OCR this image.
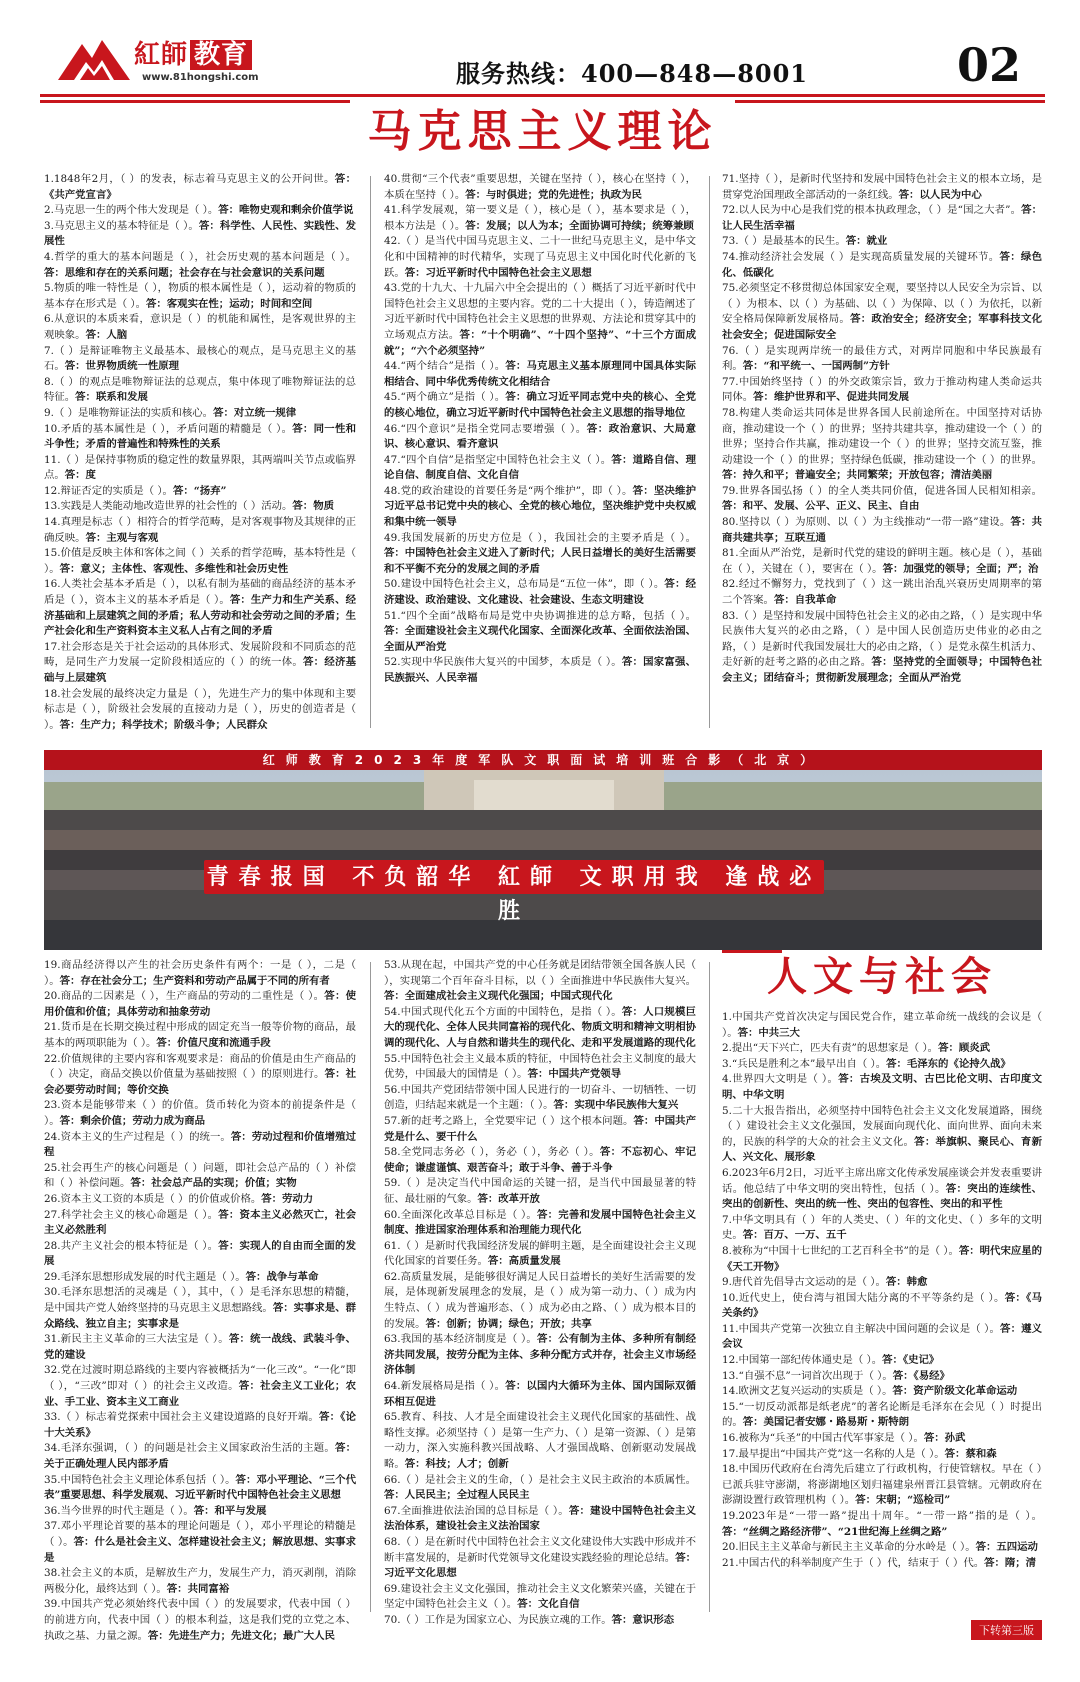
紅師 教育
www.81hongshi.com	服务热线：400—848—8001	02
马克思主义理论

1.1848年2月，（ ）的发表，标志着马克思主义的公开问世。答：《共产党宣言》

2.马克思一生的两个伟大发现是（ ）。答：唯物史观和剩余价值学说

3.马克思主义的基本特征是（ ）。答：科学性、人民性、实践性、发展性

4.哲学的重大的基本问题是（ ），社会历史观的基本问题是（ ）。答：思维和存在的关系问题；社会存在与社会意识的关系问题

5.物质的唯一特性是（ ），物质的根本属性是（ ），运动着的物质的基本存在形式是（ ）。答：客观实在性；运动；时间和空间

6.从意识的本质来看，意识是（ ）的机能和属性，是客观世界的主观映象。答：人脑

7.（ ）是辩证唯物主义最基本、最核心的观点，是马克思主义的基石。答：世界物质统一性原理

8.（ ）的观点是唯物辩证法的总观点，集中体现了唯物辩证法的总特征。答：联系和发展

9.（ ）是唯物辩证法的实质和核心。答：对立统一规律

10.矛盾的基本属性是（ ），矛盾问题的精髓是（ ）。答：同一性和斗争性；矛盾的普遍性和特殊性的关系

11.（ ）是保持事物质的稳定性的数量界限，其两端叫关节点或临界点。答：度

12.辩证否定的实质是（ ）。答：“扬弃”

13.实践是人类能动地改造世界的社会性的（ ）活动。答：物质

14.真理是标志（ ）相符合的哲学范畴，是对客观事物及其规律的正确反映。答：主观与客观

15.价值是反映主体和客体之间（ ）关系的哲学范畴，基本特性是（ ）。答：意义；主体性、客观性、多维性和社会历史性

16.人类社会基本矛盾是（ ），以私有制为基础的商品经济的基本矛盾是（ ），资本主义的基本矛盾是（ ）。答：生产力和生产关系、经济基础和上层建筑之间的矛盾；私人劳动和社会劳动之间的矛盾；生产社会化和生产资料资本主义私人占有之间的矛盾

17.社会形态是关于社会运动的具体形式、发展阶段和不同质态的范畴，是同生产力发展一定阶段相适应的（ ）的统一体。答：经济基础与上层建筑

18.社会发展的最终决定力量是（ ），先进生产力的集中体现和主要标志是（ ），阶级社会发展的直接动力是（ ），历史的创造者是（ ）。答：生产力；科学技术；阶级斗争；人民群众

40.贯彻“三个代表”重要思想，关键在坚持（ ），核心在坚持（ ），本质在坚持（ ）。答：与时俱进；党的先进性；执政为民

41.科学发展观，第一要义是（ ），核心是（ ），基本要求是（ ），根本方法是（ ）。答：发展；以人为本；全面协调可持续；统筹兼顾

42.（ ）是当代中国马克思主义、二十一世纪马克思主义，是中华文化和中国精神的时代精华，实现了马克思主义中国化时代化新的飞跃。答：习近平新时代中国特色社会主义思想

43.党的十九大、十九届六中全会提出的（ ）概括了习近平新时代中国特色社会主义思想的主要内容。党的二十大提出（ ），铸造阐述了习近平新时代中国特色社会主义思想的世界观、方法论和贯穿其中的立场观点方法。答：“十个明确”、“十四个坚持”、“十三个方面成就”；“六个必须坚持”

44.“两个结合”是指（ ）。答：马克思主义基本原理同中国具体实际相结合、同中华优秀传统文化相结合

45.“两个确立”是指（ ）。答：确立习近平同志党中央的核心、全党的核心地位，确立习近平新时代中国特色社会主义思想的指导地位

46.“四个意识”是指全党同志要增强（ ）。答：政治意识、大局意识、核心意识、看齐意识

47.“四个自信”是指坚定中国特色社会主义（ ）。答：道路自信、理论自信、制度自信、文化自信

48.党的政治建设的首要任务是“两个维护”，即（ ）。答：坚决维护习近平总书记党中央的核心、全党的核心地位，坚决维护党中央权威和集中统一领导

49.我国发展新的历史方位是（ ），我国社会的主要矛盾是（ ）。答：中国特色社会主义进入了新时代；人民日益增长的美好生活需要和不平衡不充分的发展之间的矛盾

50.建设中国特色社会主义，总布局是“五位一体”，即（ ）。答：经济建设、政治建设、文化建设、社会建设、生态文明建设

51.“四个全面”战略布局是党中央协调推进的总方略，包括（ ）。答：全面建设社会主义现代化国家、全面深化改革、全面依法治国、全面从严治党

52.实现中华民族伟大复兴的中国梦，本质是（ ）。答：国家富强、民族振兴、人民幸福

71.坚持（ ），是新时代坚持和发展中国特色社会主义的根本立场，是贯穿党治国理政全部活动的一条红线。答：以人民为中心

72.以人民为中心是我们党的根本执政理念，（ ）是“国之大者”。答：让人民生活幸福

73.（ ）是最基本的民生。答：就业

74.推动经济社会发展（ ）是实现高质量发展的关键环节。答：绿色化、低碳化

75.必须坚定不移贯彻总体国家安全观，要坚持以人民安全为宗旨、以（ ）为根本、以（ ）为基础、以（ ）为保障、以（ ）为依托，以新安全格局保障新发展格局。答：政治安全；经济安全；军事科技文化社会安全；促进国际安全

76.（ ）是实现两岸统一的最佳方式，对两岸同胞和中华民族最有利。答：“和平统一、一国两制”方针

77.中国始终坚持（ ）的外交政策宗旨，致力于推动构建人类命运共同体。答：维护世界和平、促进共同发展

78.构建人类命运共同体是世界各国人民前途所在。中国坚持对话协商，推动建设一个（ ）的世界；坚持共建共享，推动建设一个（ ）的世界；坚持合作共赢，推动建设一个（ ）的世界；坚持交流互鉴，推动建设一个（ ）的世界；坚持绿色低碳，推动建设一个（ ）的世界。答：持久和平；普遍安全；共同繁荣；开放包容；清洁美丽

79.世界各国弘扬（ ）的全人类共同价值，促进各国人民相知相亲。答：和平、发展、公平、正义、民主、自由

80.坚持以（ ）为原则、以（ ）为主线推动“一带一路”建设。答：共商共建共享；互联互通

81.全面从严治党，是新时代党的建设的鲜明主题。核心是（ ），基础在（ ），关键在（ ），要害在（ ）。答：加强党的领导；全面；严；治

82.经过不懈努力，党找到了（ ）这一跳出治乱兴衰历史周期率的第二个答案。答：自我革命

83.（ ）是坚持和发展中国特色社会主义的必由之路，（ ）是实现中华民族伟大复兴的必由之路，（ ）是中国人民创造历史伟业的必由之路，（ ）是新时代我国发展壮大的必由之路，（ ）是党永葆生机活力、走好新的赶考之路的必由之路。答：坚持党的全面领导；中国特色社会主义；团结奋斗；贯彻新发展理念；全面从严治党

红师教育2023年度军队文职面试培训班合影（北京）
青春报国 不负韶华 紅師 文职用我 逢战必胜

19.商品经济得以产生的社会历史条件有两个：一是（ ），二是（ ）。答：存在社会分工；生产资料和劳动产品属于不同的所有者

20.商品的二因素是（ ），生产商品的劳动的二重性是（ ）。答：使用价值和价值；具体劳动和抽象劳动

21.货币是在长期交换过程中形成的固定充当一般等价物的商品，最基本的两项职能为（ ）。答：价值尺度和流通手段

22.价值规律的主要内容和客观要求是：商品的价值是由生产商品的（ ）决定，商品交换以价值量为基础按照（ ）的原则进行。答：社会必要劳动时间；等价交换

23.资本是能够带来（ ）的价值。货币转化为资本的前提条件是（ ）。答：剩余价值；劳动力成为商品

24.资本主义的生产过程是（ ）的统一。答：劳动过程和价值增殖过程

25.社会再生产的核心问题是（ ）问题，即社会总产品的（ ）补偿和（ ）补偿问题。答：社会总产品的实现；价值；实物

26.资本主义工资的本质是（ ）的价值或价格。答：劳动力

27.科学社会主义的核心命题是（ ）。答：资本主义必然灭亡，社会主义必然胜利

28.共产主义社会的根本特征是（ ）。答：实现人的自由而全面的发展

29.毛泽东思想形成发展的时代主题是（ ）。答：战争与革命

30.毛泽东思想活的灵魂是（ ），其中，（ ）是毛泽东思想的精髓，是中国共产党人始终坚持的马克思主义思想路线。答：实事求是、群众路线、独立自主；实事求是

31.新民主主义革命的三大法宝是（ ）。答：统一战线、武装斗争、党的建设

32.党在过渡时期总路线的主要内容被概括为“一化三改”。“一化”即（ ），“三改”即对（ ）的社会主义改造。答：社会主义工业化；农业、手工业、资本主义工商业

33.（ ）标志着党探索中国社会主义建设道路的良好开端。答：《论十大关系》

34.毛泽东强调，（ ）的问题是社会主义国家政治生活的主题。答：关于正确处理人民内部矛盾

35.中国特色社会主义理论体系包括（ ）。答：邓小平理论、“三个代表”重要思想、科学发展观、习近平新时代中国特色社会主义思想

36.当今世界的时代主题是（ ）。答：和平与发展

37.邓小平理论首要的基本的理论问题是（ ），邓小平理论的精髓是（ ）。答：什么是社会主义、怎样建设社会主义；解放思想、实事求是

38.社会主义的本质，是解放生产力，发展生产力，消灭剥削，消除两极分化，最终达到（ ）。答：共同富裕

39.中国共产党必须始终代表中国（ ）的发展要求，代表中国（ ）的前进方向，代表中国（ ）的根本利益，这是我们党的立党之本、执政之基、力量之源。答：先进生产力；先进文化；最广大人民

53.从现在起，中国共产党的中心任务就是团结带领全国各族人民（ ），实现第二个百年奋斗目标，以（ ）全面推进中华民族伟大复兴。答：全面建成社会主义现代化强国；中国式现代化

54.中国式现代化五个方面的中国特色，是指（ ）。答：人口规模巨大的现代化、全体人民共同富裕的现代化、物质文明和精神文明相协调的现代化、人与自然和谐共生的现代化、走和平发展道路的现代化

55.中国特色社会主义最本质的特征，中国特色社会主义制度的最大优势，中国最大的国情是（ ）。答：中国共产党领导

56.中国共产党团结带领中国人民进行的一切奋斗、一切牺牲、一切创造，归结起来就是一个主题：（ ）。答：实现中华民族伟大复兴

57.新的赶考之路上，全党要牢记（ ）这个根本问题。答：中国共产党是什么、要干什么

58.全党同志务必（ ），务必（ ），务必（ ）。答：不忘初心、牢记使命；谦虚谨慎、艰苦奋斗；敢于斗争、善于斗争

59.（ ）是决定当代中国命运的关键一招，是当代中国最显著的特征、最壮丽的气象。答：改革开放

60.全面深化改革总目标是（ ）。答：完善和发展中国特色社会主义制度、推进国家治理体系和治理能力现代化

61.（ ）是新时代我国经济发展的鲜明主题，是全面建设社会主义现代化国家的首要任务。答：高质量发展

62.高质量发展，是能够很好满足人民日益增长的美好生活需要的发展，是体现新发展理念的发展，是（ ）成为第一动力、（ ）成为内生特点、（ ）成为普遍形态、（ ）成为必由之路、（ ）成为根本目的的发展。答：创新；协调；绿色；开放；共享

63.我国的基本经济制度是（ ）。答：公有制为主体、多种所有制经济共同发展，按劳分配为主体、多种分配方式并存，社会主义市场经济体制

64.新发展格局是指（ ）。答：以国内大循环为主体、国内国际双循环相互促进

65.教育、科技、人才是全面建设社会主义现代化国家的基础性、战略性支撑。必须坚持（ ）是第一生产力、（ ）是第一资源、（ ）是第一动力，深入实施科教兴国战略、人才强国战略、创新驱动发展战略。答：科技；人才；创新

66.（ ）是社会主义的生命，（ ）是社会主义民主政治的本质属性。答：人民民主；全过程人民民主

67.全面推进依法治国的总目标是（ ）。答：建设中国特色社会主义法治体系，建设社会主义法治国家

68.（ ）是在新时代中国特色社会主义文化建设伟大实践中形成并不断丰富发展的，是新时代党领导文化建设实践经验的理论总结。答：习近平文化思想

69.建设社会主义文化强国，推动社会主义文化繁荣兴盛，关键在于坚定中国特色社会主义（ ）。答：文化自信

70.（ ）工作是为国家立心、为民族立魂的工作。答：意识形态

人文与社会

1.中国共产党首次决定与国民党合作，建立革命统一战线的会议是（ ）。答：中共三大

2.提出“天下兴亡，匹夫有责”的思想家是（ ）。答：顾炎武

3.“兵民是胜利之本”最早出自（ ）。答：毛泽东的《论持久战》

4.世界四大文明是（ ）。答：古埃及文明、古巴比伦文明、古印度文明、中华文明

5.二十大报告指出，必须坚持中国特色社会主义文化发展道路，围绕（ ）建设社会主义文化强国，发展面向现代化、面向世界、面向未来的，民族的科学的大众的社会主义文化。答：举旗帜、聚民心、育新人、兴文化、展形象

6.2023年6月2日，习近平主席出席文化传承发展座谈会并发表重要讲话。他总结了中华文明的突出特性，包括（ ）。答：突出的连续性、突出的创新性、突出的统一性、突出的包容性、突出的和平性

7.中华文明具有（ ）年的人类史、（ ）年的文化史、（ ）多年的文明史。答：百万、一万、五千

8.被称为“中国十七世纪的工艺百科全书”的是（ ）。答：明代宋应星的《天工开物》

9.唐代首先倡导古文运动的是（ ）。答：韩愈

10.近代史上，使台湾与祖国大陆分离的不平等条约是（ ）。答：《马关条约》

11.中国共产党第一次独立自主解决中国问题的会议是（ ）。答：遵义会议

12.中国第一部纪传体通史是（ ）。答：《史记》

13.“自强不息”一词首次出现于（ ）。答：《易经》

14.欧洲文艺复兴运动的实质是（ ）。答：资产阶级文化革命运动

15.“一切反动派都是纸老虎”的著名论断是毛泽东在会见（ ）时提出的。答：美国记者安娜・路易斯・斯特朗

16.被称为“兵圣”的中国古代军事家是（ ）。答：孙武

17.最早提出“中国共产党”这一名称的人是（ ）。答：蔡和森

18.中国历代政府在台湾先后建立了行政机构，行使管辖权。早在（ ）已派兵驻守澎湖，将澎湖地区划归福建泉州晋江县管辖。元朝政府在澎湖设置行政管理机构（ ）。答：宋朝；“巡检司”

19.2023年是“一带一路”提出十周年。“一带一路”指的是（ ）。答：“丝绸之路经济带”、“21世纪海上丝绸之路”

20.旧民主主义革命与新民主主义革命的分水岭是（ ）。答：五四运动

21.中国古代的科举制度产生于（ ）代，结束于（ ）代。答：隋；清

下转第三版
